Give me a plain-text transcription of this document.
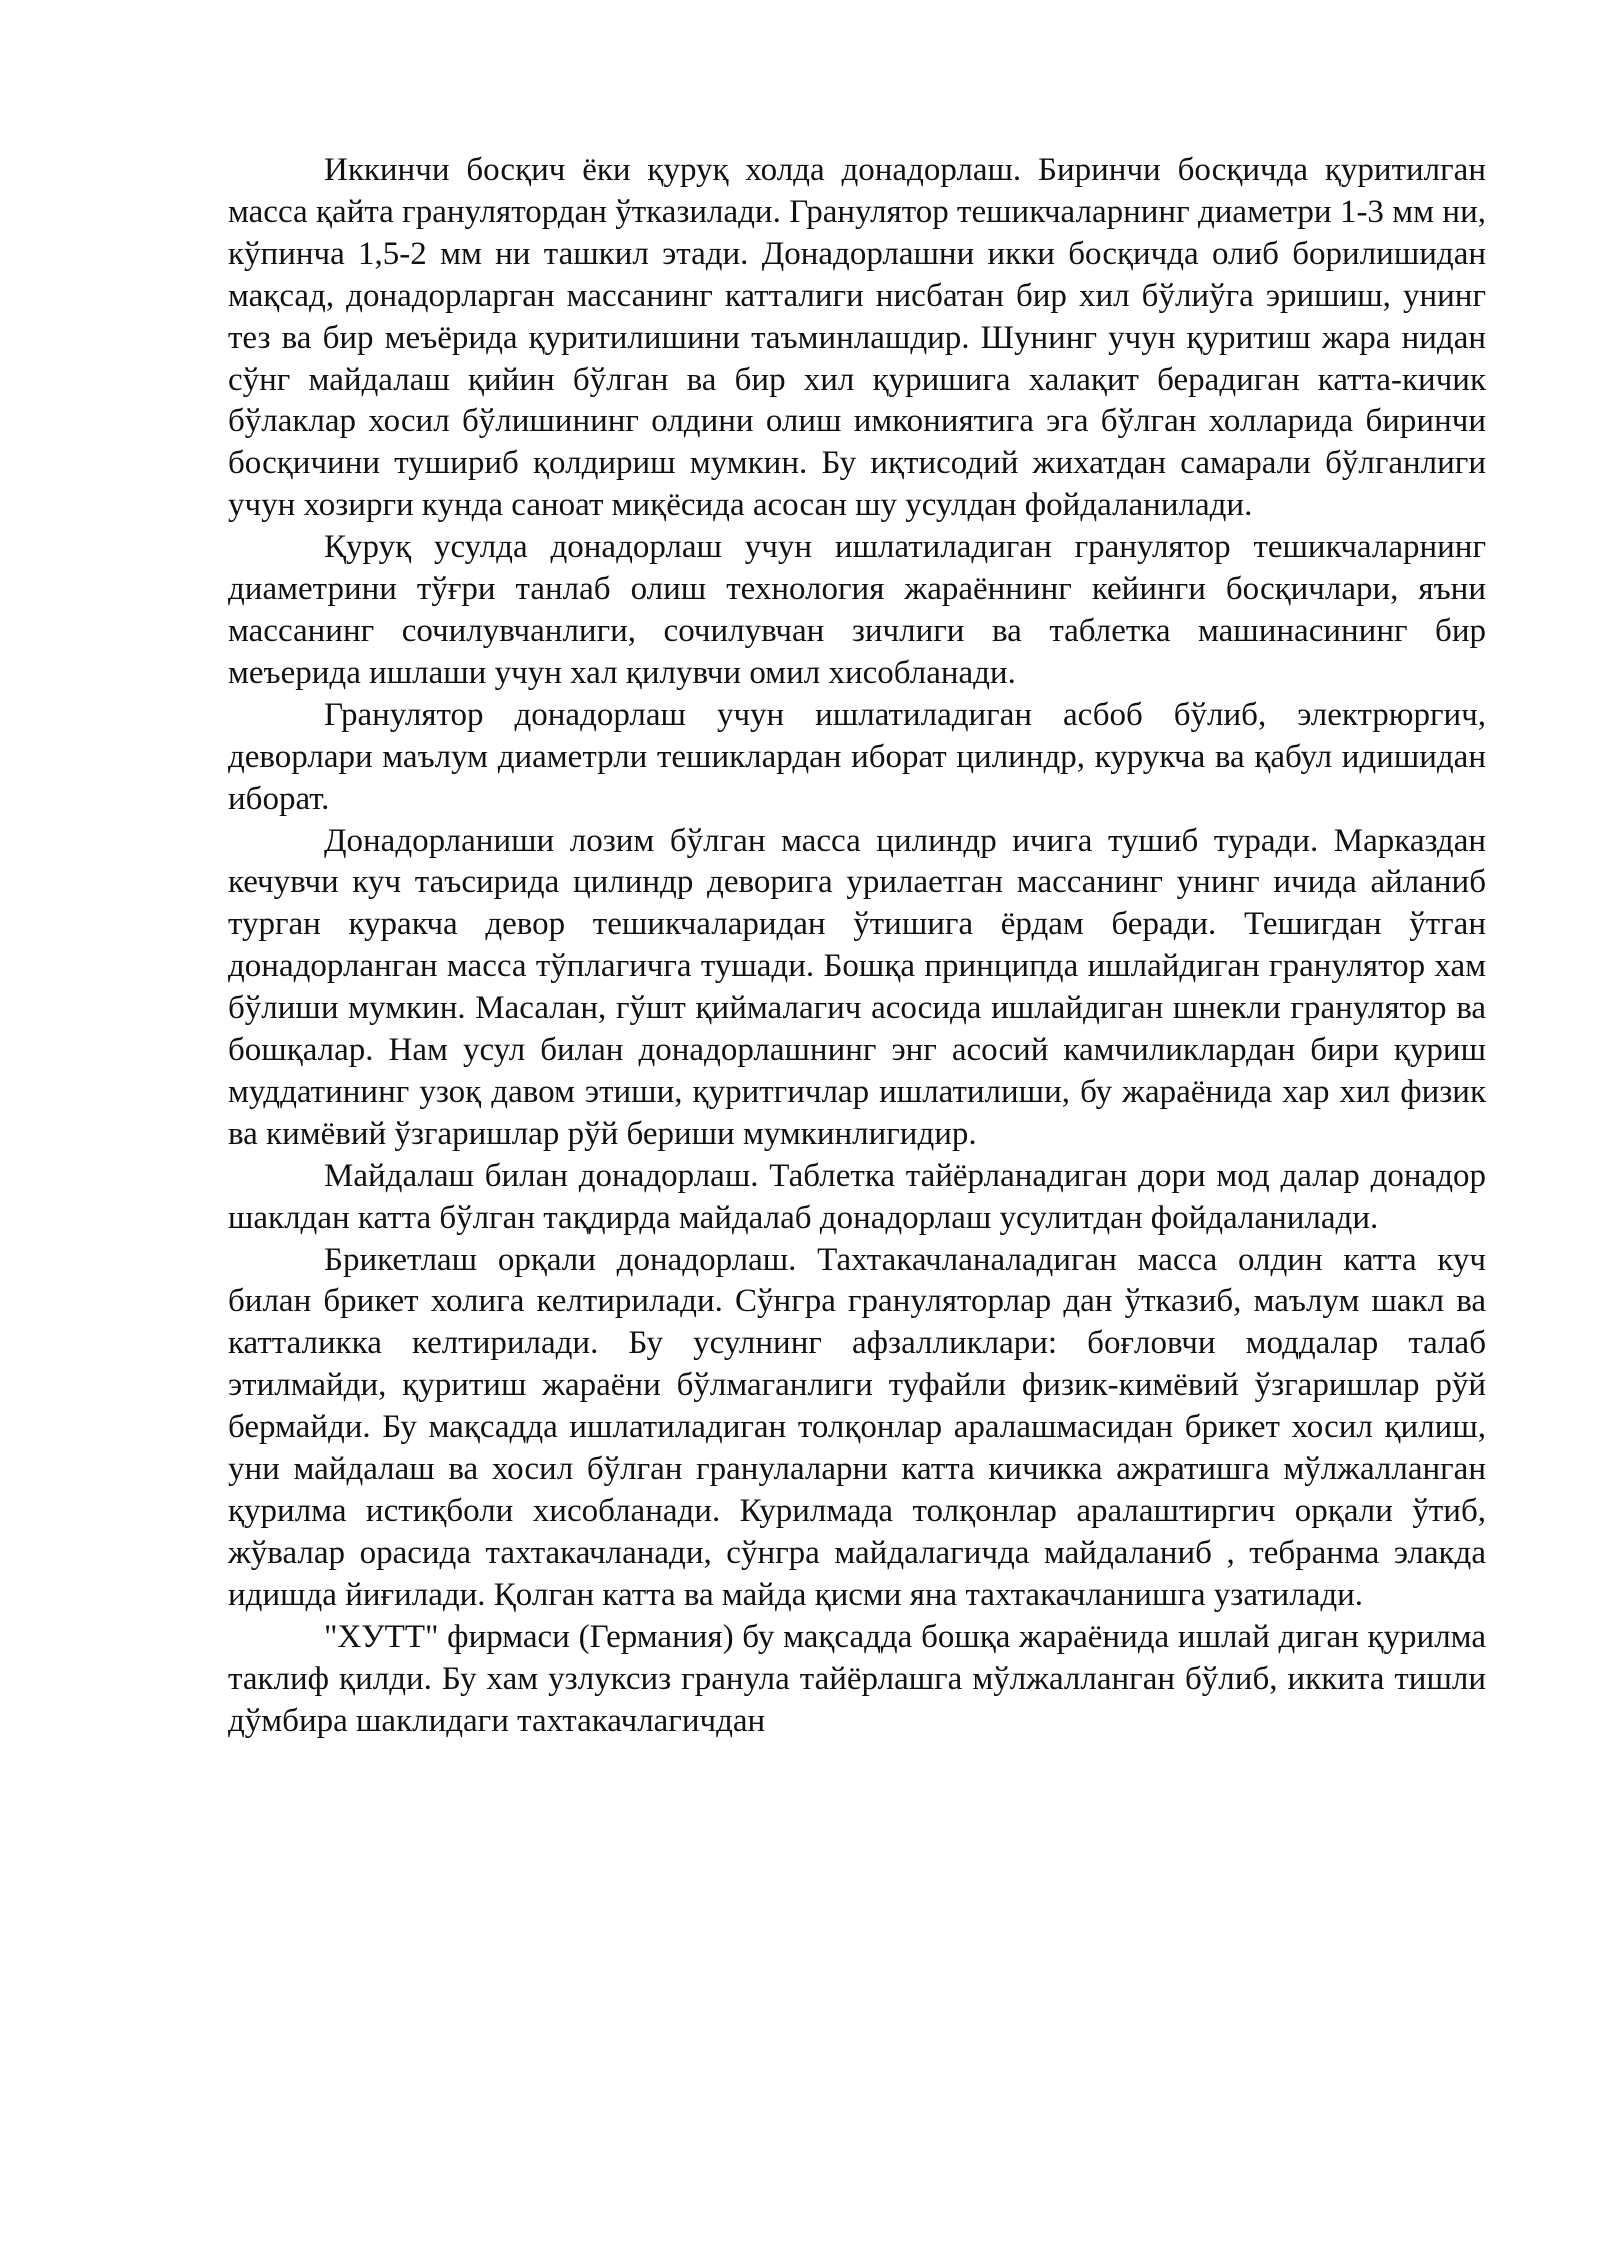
Иккинчи босқич ёки қуруқ холда донадорлаш. Биринчи босқичда қуритилган масса қайта гранулятордан ўтказилади. Гранулятор тешикчаларнинг диаметри 1-3 мм ни, кўпинча 1,5-2 мм ни ташкил этади. Донадорлашни икки босқичда олиб борилишидан мақсад, донадорларган массанинг катталиги нисбатан бир хил бўлиўга эришиш, унинг тез ва бир меъёрида қуритилишини таъминлашдир. Шунинг учун қуритиш жара нидан сўнг майдалаш қийин бўлган ва бир хил қуришига халақит берадиган катта-кичик бўлаклар хосил бўлишининг олдини олиш имкониятига эга бўлган холларида биринчи босқичини тушириб қолдириш мумкин. Бу иқтисодий жихатдан самарали бўлганлиги учун хозирги кунда саноат миқёсида асосан шу усулдан фойдаланилади.

Қуруқ усулда донадорлаш учун ишлатиладиган гранулятор тешикчаларнинг диаметрини тўғри танлаб олиш технология жараённинг кейинги босқичлари, яъни массанинг сочилувчанлиги, сочилувчан зичлиги ва таблетка машинасининг бир меъерида ишлаши учун хал қилувчи омил хисобланади.

Гранулятор донадорлаш учун ишлатиладиган асбоб бўлиб, электрюргич, деворлари маълум диаметрли тешиклардан иборат цилиндр, курукча ва қабул идишидан иборат.

Донадорланиши лозим бўлган масса цилиндр ичига тушиб туради. Марказдан кечувчи куч таъсирида цилиндр деворига урилаетган массанинг унинг ичида айланиб турган куракча девор тешикчаларидан ўтишига ёрдам беради. Тешигдан ўтган донадорланган масса тўплагичга тушади. Бошқа принципда ишлайдиган гранулятор хам бўлиши мумкин. Масалан, гўшт қиймалагич асосида ишлайдиган шнекли гранулятор ва бошқалар. Нам усул билан донадорлашнинг энг асосий камчиликлардан бири қуриш муддатининг узоқ давом этиши, қуритгичлар ишлатилиши, бу жараёнида хар хил физик ва кимёвий ўзгаришлар рўй бериши мумкинлигидир.

Майдалаш билан донадорлаш. Таблетка тайёрланадиган дори мод далар донадор шаклдан катта бўлган тақдирда майдалаб донадорлаш усулитдан фойдаланилади.

Брикетлаш орқали донадорлаш. Тахтакачланаладиган масса олдин катта куч билан брикет холига келтирилади. Сўнгра грануляторлар дан ўтказиб, маълум шакл ва катталикка келтирилади. Бу усулнинг афзалликлари: боғловчи моддалар талаб этилмайди, қуритиш жараёни бўлмаганлиги туфайли физик-кимёвий ўзгаришлар рўй бермайди. Бу мақсадда ишлатиладиган толқонлар аралашмасидан брикет хосил қилиш, уни майдалаш ва хосил бўлган гранулаларни катта кичикка ажратишга мўлжалланган қурилма истиқболи хисобланади. Курилмада толқонлар аралаштиргич орқали ўтиб, жўвалар орасида тахтакачланади, сўнгра майдалагичда майдаланиб , тебранма элакда идишда йиғилади. Қолган катта ва майда қисми яна тахтакачланишга узатилади.

"ХУТТ" фирмаси (Германия) бу мақсадда бошқа жараёнида ишлай диган қурилма таклиф қилди. Бу хам узлуксиз гранула тайёрлашга мўлжалланган бўлиб, иккита тишли дўмбира шаклидаги тахтакачлагичдан
